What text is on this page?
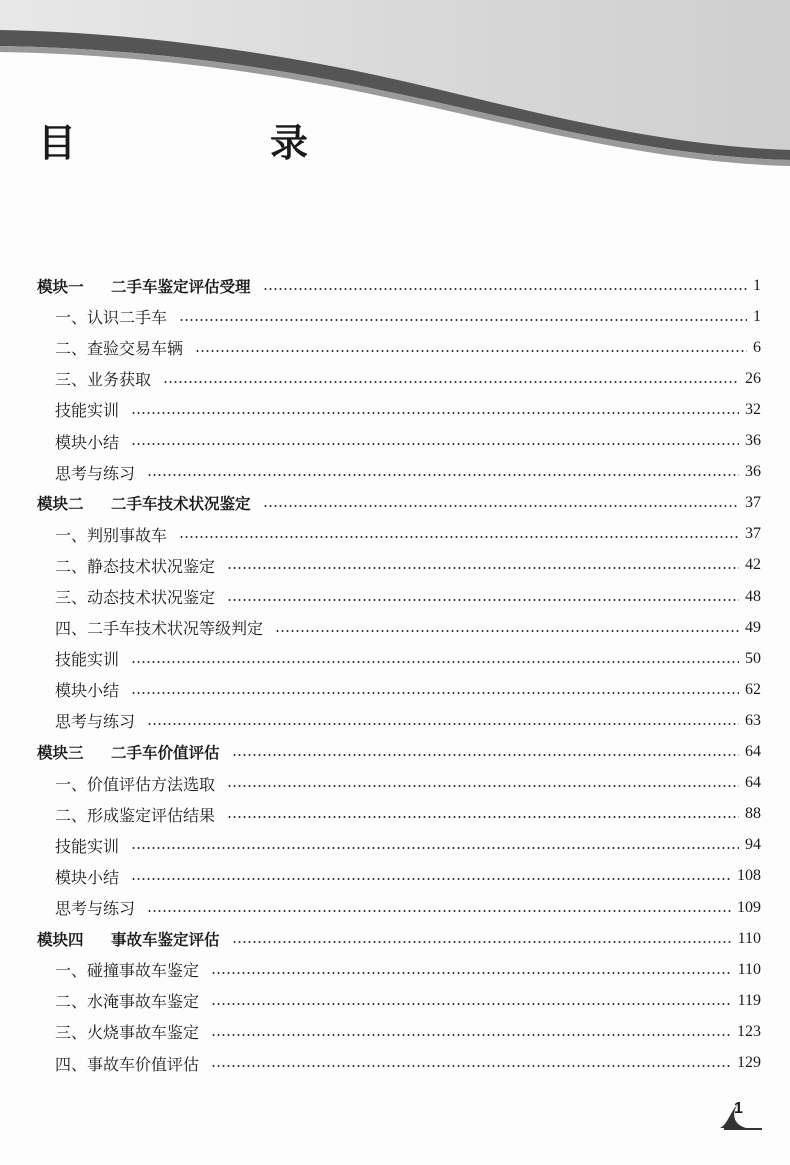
目　录
模块一 二手车鉴定评估受理	1
一、认识二手车	1
二、查验交易车辆	6
三、业务获取	26
技能实训	32
模块小结	36
思考与练习	36
模块二 二手车技术状况鉴定	37
一、判别事故车	37
二、静态技术状况鉴定	42
三、动态技术状况鉴定	48
四、二手车技术状况等级判定	49
技能实训	50
模块小结	62
思考与练习	63
模块三 二手车价值评估	64
一、价值评估方法选取	64
二、形成鉴定评估结果	88
技能实训	94
模块小结	108
思考与练习	109
模块四 事故车鉴定评估	110
一、碰撞事故车鉴定	110
二、水淹事故车鉴定	119
三、火烧事故车鉴定	123
四、事故车价值评估	129
1
